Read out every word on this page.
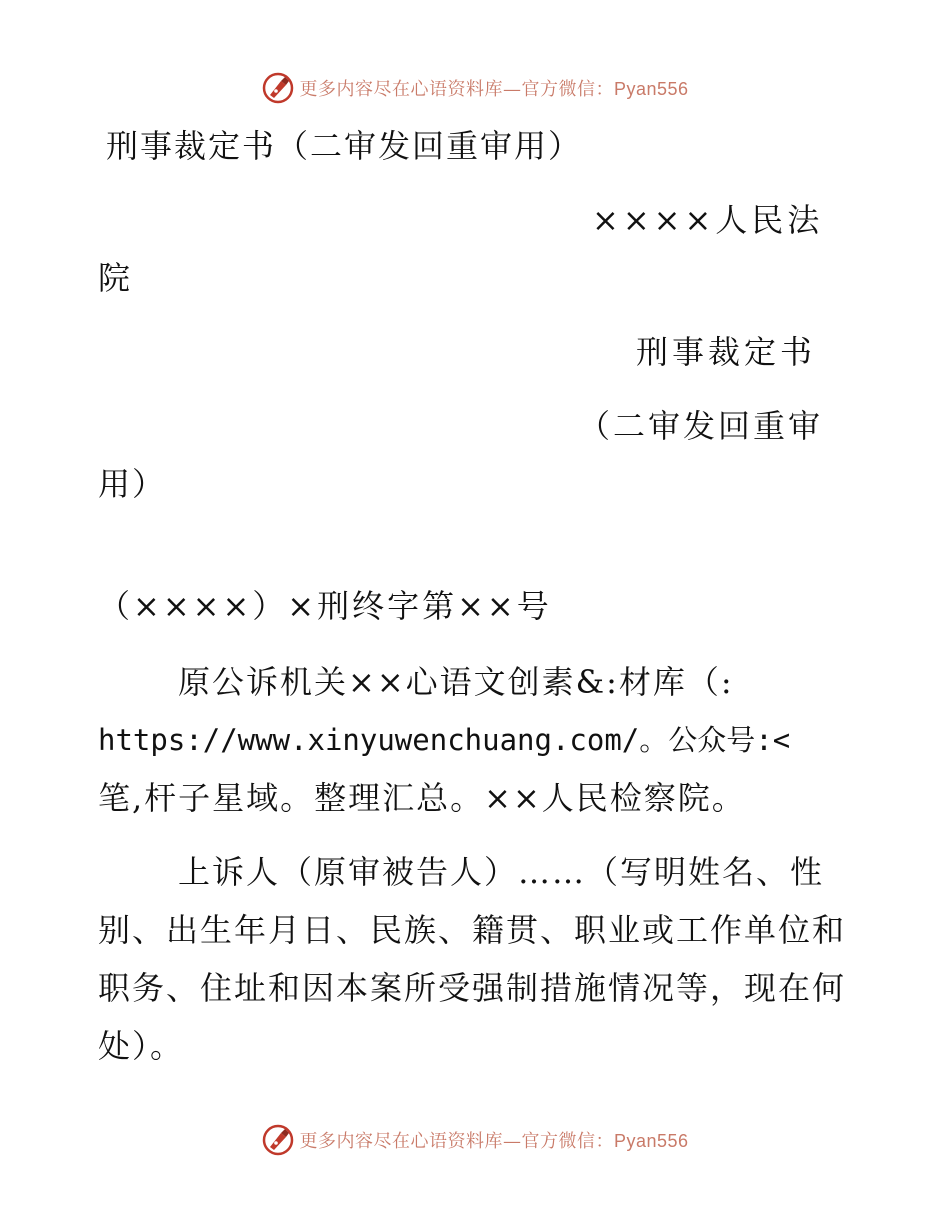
更多内容尽在心语资料库—官方微信：Pyan556
刑事裁定书（二审发回重审用）
××××人民法
院
刑事裁定书
（二审发回重审
用）
（××××）×刑终字第××号
原公诉机关××心语文创素&:材库（:
https://www.xinyuwenchuang.com/。公众号:<
笔,杆子星域。整理汇总。××人民检察院。
上诉人（原审被告人）……（写明姓名、性
别、出生年月日、民族、籍贯、职业或工作单位和
职务、住址和因本案所受强制措施情况等，现在何
处）。
更多内容尽在心语资料库—官方微信：Pyan556
